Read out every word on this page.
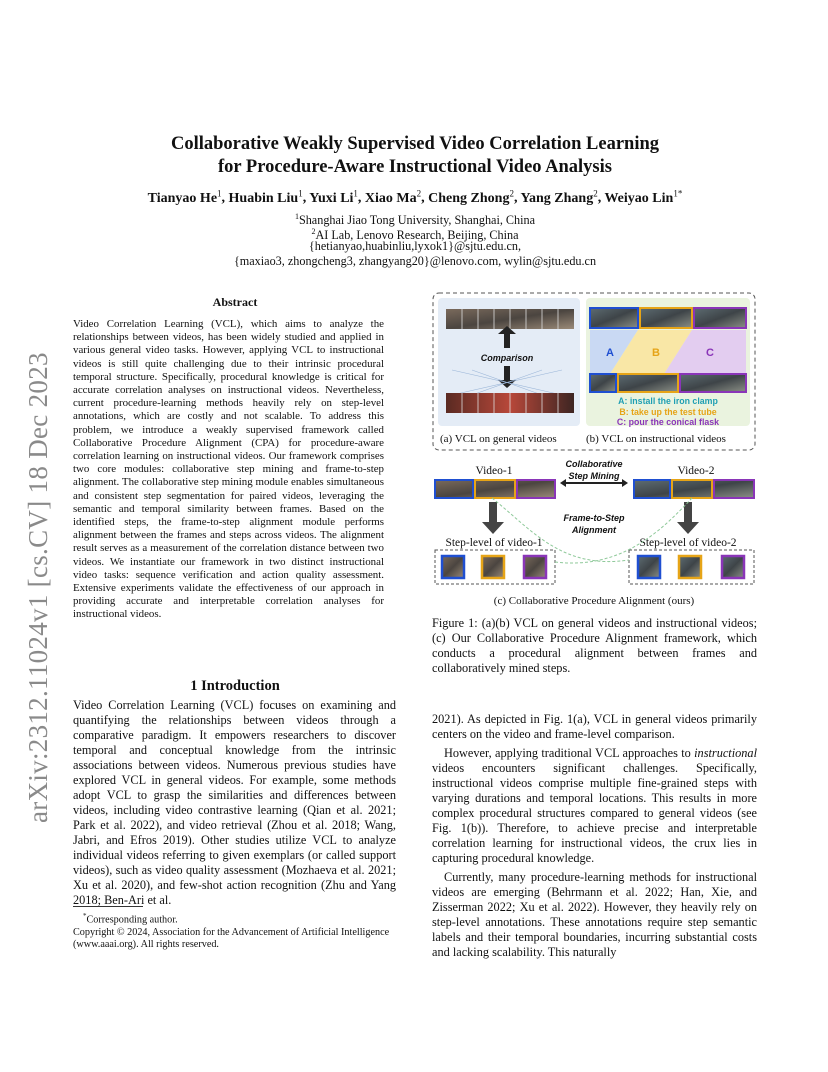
arXiv:2312.11024v1 [cs.CV] 18 Dec 2023
Collaborative Weakly Supervised Video Correlation Learning
for Procedure-Aware Instructional Video Analysis
Tianyao He$^1$, Huabin Liu$^1$, Yuxi Li$^1$, Xiao Ma$^2$, Cheng Zhong$^2$, Yang Zhang$^2$, Weiyao Lin$^{1*}$
$^1$Shanghai Jiao Tong University, Shanghai, China
$^2$AI Lab, Lenovo Research, Beijing, China
{hetianyao,huabinliu,lyxok1}@sjtu.edu.cn,
{maxiao3, zhongcheng3, zhangyang20}@lenovo.com, wylin@sjtu.edu.cn
Abstract
Video Correlation Learning (VCL), which aims to analyze the relationships between videos, has been widely studied and applied in various general video tasks. However, applying VCL to instructional videos is still quite challenging due to their intrinsic procedural temporal structure. Specifically, procedural knowledge is critical for accurate correlation analyses on instructional videos. Nevertheless, current procedure-learning methods heavily rely on step-level annotations, which are costly and not scalable. To address this problem, we introduce a weakly supervised framework called Collaborative Procedure Alignment (CPA) for procedure-aware correlation learning on instructional videos. Our framework comprises two core modules: collaborative step mining and frame-to-step alignment. The collaborative step mining module enables simultaneous and consistent step segmentation for paired videos, leveraging the semantic and temporal similarity between frames. Based on the identified steps, the frame-to-step alignment module performs alignment between the frames and steps across videos. The alignment result serves as a measurement of the correlation distance between two videos. We instantiate our framework in two distinct instructional video tasks: sequence verification and action quality assessment. Extensive experiments validate the effectiveness of our approach in providing accurate and interpretable correlation analyses for instructional videos.
1 Introduction
Video Correlation Learning (VCL) focuses on examining and quantifying the relationships between videos through a comparative paradigm. It empowers researchers to discover temporal and conceptual knowledge from the intrinsic associations between videos. Numerous previous studies have explored VCL in general videos. For example, some methods adopt VCL to grasp the similarities and differences between videos, including video contrastive learning (Qian et al. 2021; Park et al. 2022), and video retrieval (Zhou et al. 2018; Wang, Jabri, and Efros 2019). Other studies utilize VCL to analyze individual videos referring to given exemplars (or called support videos), such as video quality assessment (Mozhaeva et al. 2021; Xu et al. 2020), and few-shot action recognition (Zhu and Yang 2018; Ben-Ari et al.
*Corresponding author.
Copyright © 2024, Association for the Advancement of Artificial Intelligence (www.aaai.org). All rights reserved.
Comparison
(a) VCL on general videos
A	B	C
A: install the iron clamp
B: take up the test tube
C: pour the conical flask
(b) VCL on instructional videos
Video-1	Video-2
Collaborative
Step Mining
Frame-to-Step
Alignment
Step-level of video-1	Step-level of video-2
(c) Collaborative Procedure Alignment (ours)
Figure 1: (a)(b) VCL on general videos and instructional videos; (c) Our Collaborative Procedure Alignment framework, which conducts a procedural alignment between frames and collaboratively mined steps.

2021). As depicted in Fig. 1(a), VCL in general videos primarily centers on the video and frame-level comparison.

However, applying traditional VCL approaches to instructional videos encounters significant challenges. Specifically, instructional videos comprise multiple fine-grained steps with varying durations and temporal locations. This results in more complex procedural structures compared to general videos (see Fig. 1(b)). Therefore, to achieve precise and interpretable correlation learning for instructional videos, the crux lies in capturing procedural knowledge.

Currently, many procedure-learning methods for instructional videos are emerging (Behrmann et al. 2022; Han, Xie, and Zisserman 2022; Xu et al. 2022). However, they heavily rely on step-level annotations. These annotations require step semantic labels and their temporal boundaries, incurring substantial costs and lacking scalability. This naturally
